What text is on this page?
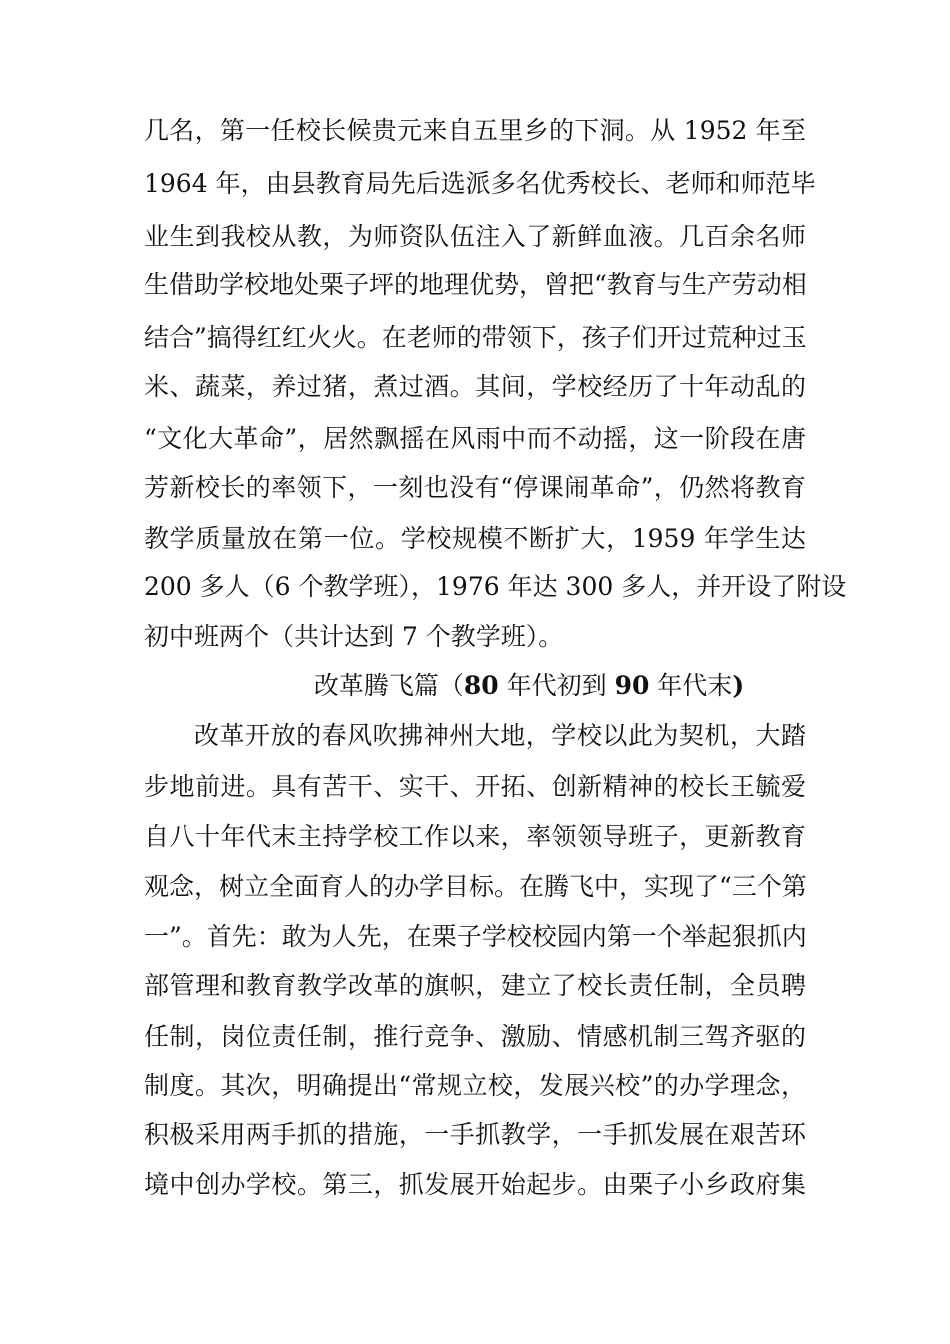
几名，第一任校长候贵元来自五里乡的下洞。从 1952 年至
1964 年，由县教育局先后选派多名优秀校长、老师和师范毕
业生到我校从教，为师资队伍注入了新鲜血液。几百余名师
生借助学校地处栗子坪的地理优势，曾把“教育与生产劳动相
结合”搞得红红火火。在老师的带领下，孩子们开过荒种过玉
米、蔬菜，养过猪，煮过酒。其间，学校经历了十年动乱的
“文化大革命”，居然飘摇在风雨中而不动摇，这一阶段在唐
芳新校长的率领下，一刻也没有“停课闹革命”，仍然将教育
教学质量放在第一位。学校规模不断扩大，1959 年学生达
200 多人（6 个教学班），1976 年达 300 多人，并开设了附设
初中班两个（共计达到 7 个教学班）。
改革腾飞篇（80 年代初到 90 年代末)
改革开放的春风吹拂神州大地，学校以此为契机，大踏
步地前进。具有苦干、实干、开拓、创新精神的校长王毓爱
自八十年代末主持学校工作以来，率领领导班子，更新教育
观念，树立全面育人的办学目标。在腾飞中，实现了“三个第
一”。首先：敢为人先，在栗子学校校园内第一个举起狠抓内
部管理和教育教学改革的旗帜，建立了校长责任制，全员聘
任制，岗位责任制，推行竞争、激励、情感机制三驾齐驱的
制度。其次，明确提出“常规立校，发展兴校”的办学理念，
积极采用两手抓的措施，一手抓教学，一手抓发展在艰苦环
境中创办学校。第三，抓发展开始起步。由栗子小乡政府集
